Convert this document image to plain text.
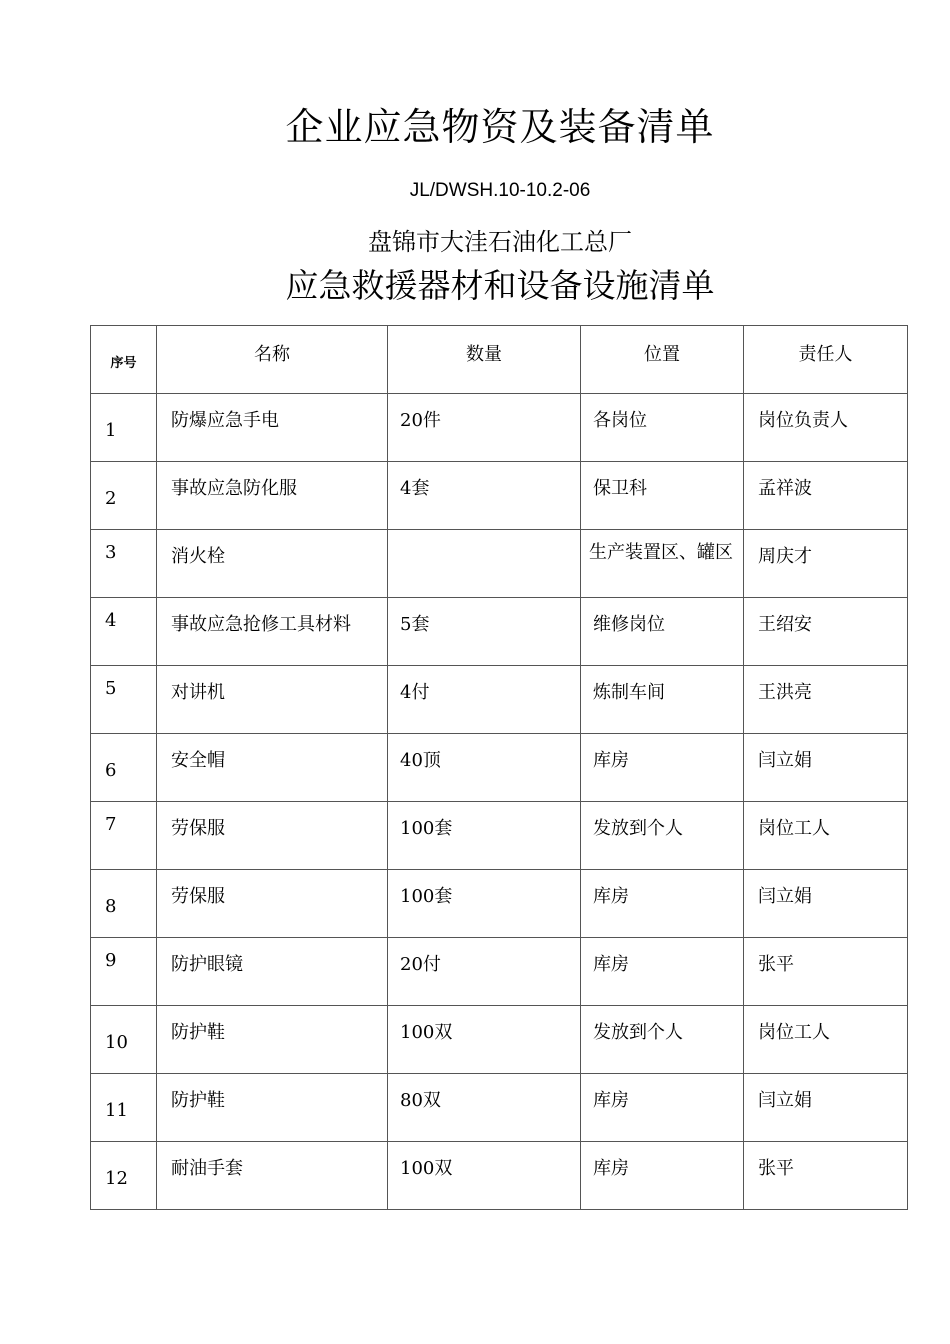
企业应急物资及装备清单
JL/DWSH.10-10.2-06
盘锦市大洼石油化工总厂
应急救援器材和设备设施清单
序号	名称	数量	位置	责任人
1	防爆应急手电	20件	各岗位	岗位负责人
2	事故应急防化服	4套	保卫科	孟祥波
3	消火栓		生产装置区、罐区	周庆才
4	事故应急抢修工具材料	5套	维修岗位	王绍安
5	对讲机	4付	炼制车间	王洪亮
6	安全帽	40顶	库房	闫立娟
7	劳保服	100套	发放到个人	岗位工人
8	劳保服	100套	库房	闫立娟
9	防护眼镜	20付	库房	张平
10	防护鞋	100双	发放到个人	岗位工人
11	防护鞋	80双	库房	闫立娟
12	耐油手套	100双	库房	张平
